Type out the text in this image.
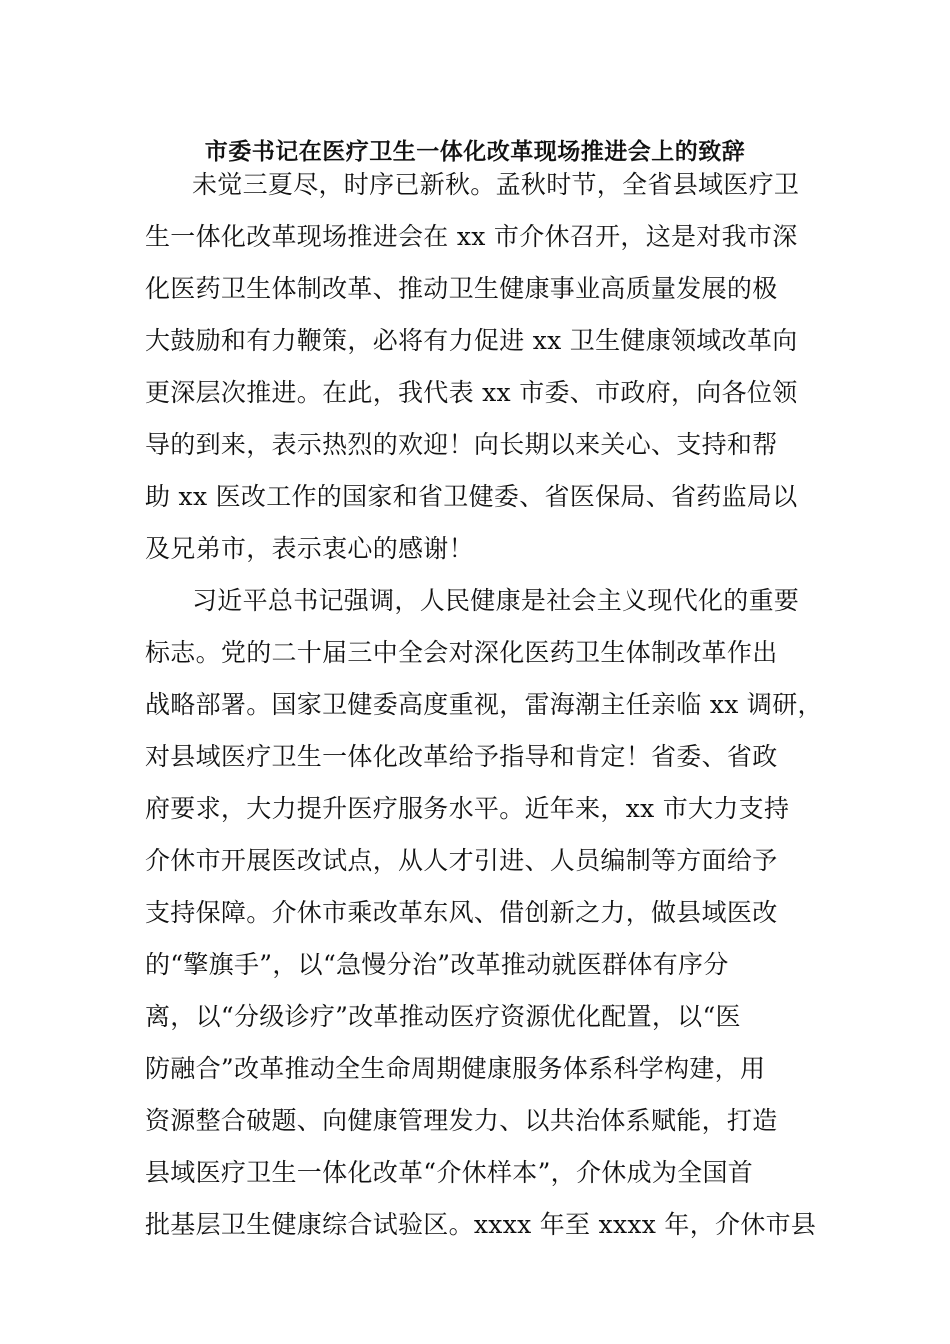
市委书记在医疗卫生一体化改革现场推进会上的致辞
未觉三夏尽，时序已新秋。孟秋时节，全省县域医疗卫
生一体化改革现场推进会在 xx 市介休召开，这是对我市深
化医药卫生体制改革、推动卫生健康事业高质量发展的极
大鼓励和有力鞭策，必将有力促进 xx 卫生健康领域改革向
更深层次推进。在此，我代表 xx 市委、市政府，向各位领
导的到来，表示热烈的欢迎！向长期以来关心、支持和帮
助 xx 医改工作的国家和省卫健委、省医保局、省药监局以
及兄弟市，表示衷心的感谢！
习近平总书记强调，人民健康是社会主义现代化的重要
标志。党的二十届三中全会对深化医药卫生体制改革作出
战略部署。国家卫健委高度重视，雷海潮主任亲临 xx 调研，
对县域医疗卫生一体化改革给予指导和肯定！省委、省政
府要求，大力提升医疗服务水平。近年来，xx 市大力支持
介休市开展医改试点，从人才引进、人员编制等方面给予
支持保障。介休市乘改革东风、借创新之力，做县域医改
的“擎旗手”，以“急慢分治”改革推动就医群体有序分
离，以“分级诊疗”改革推动医疗资源优化配置，以“医
防融合”改革推动全生命周期健康服务体系科学构建，用
资源整合破题、向健康管理发力、以共治体系赋能，打造
县域医疗卫生一体化改革“介休样本”，介休成为全国首
批基层卫生健康综合试验区。xxxx 年至 xxxx 年，介休市县
